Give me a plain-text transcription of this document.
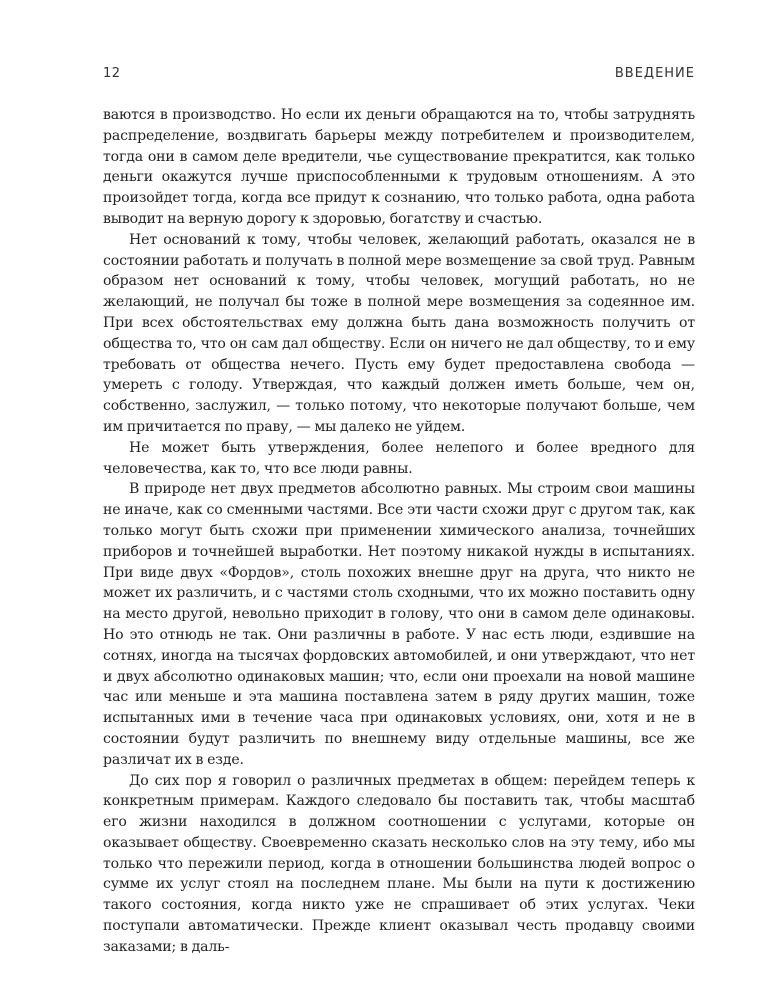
12	ВВЕДЕНИЕ

ваются в производство. Но если их деньги обращаются на то, чтобы затруднять распределение, воздвигать барьеры между потребителем и производителем, тогда они в самом деле вредители, чье существование прекратится, как только деньги окажутся лучше приспособленными к трудовым отношениям. А это произойдет тогда, когда все придут к сознанию, что только работа, одна работа выводит на верную дорогу к здоровью, богатству и счастью.

Нет оснований к тому, чтобы человек, желающий работать, оказался не в состоянии работать и получать в полной мере возмещение за свой труд. Равным образом нет оснований к тому, чтобы человек, могущий работать, но не желающий, не получал бы тоже в полной мере возмещения за содеянное им. При всех обстоятельствах ему должна быть дана возможность получить от общества то, что он сам дал обществу. Если он ничего не дал обществу, то и ему требовать от общества нечего. Пусть ему будет предоставлена свобода — умереть с голоду. Утверждая, что каждый должен иметь больше, чем он, собственно, заслужил, — только потому, что некоторые получают больше, чем им причитается по праву, — мы далеко не уйдем.

Не может быть утверждения, более нелепого и более вредного для человечества, как то, что все люди равны.

В природе нет двух предметов абсолютно равных. Мы строим свои машины не иначе, как со сменными частями. Все эти части схожи друг с другом так, как только могут быть схожи при применении химического анализа, точнейших приборов и точнейшей выработки. Нет поэтому никакой нужды в испытаниях. При виде двух «Фордов», столь похожих внешне друг на друга, что никто не может их различить, и с частями столь сходными, что их можно поставить одну на место другой, невольно приходит в голову, что они в самом деле одинаковы. Но это отнюдь не так. Они различны в работе. У нас есть люди, ездившие на сотнях, иногда на тысячах фордовских автомобилей, и они утверждают, что нет и двух абсолютно одинаковых машин; что, если они проехали на новой машине час или меньше и эта машина поставлена затем в ряду других машин, тоже испытанных ими в течение часа при одинаковых условиях, они, хотя и не в состоянии будут различить по внешнему виду отдельные машины, все же различат их в езде.

До сих пор я говорил о различных предметах в общем: перейдем теперь к конкретным примерам. Каждого следовало бы поставить так, чтобы масштаб его жизни находился в должном соотношении с услугами, которые он оказывает обществу. Своевременно сказать несколько слов на эту тему, ибо мы только что пережили период, когда в отношении большинства людей вопрос о сумме их услуг стоял на последнем плане. Мы были на пути к достижению такого состояния, когда никто уже не спрашивает об этих услугах. Чеки поступали автоматически. Прежде клиент оказывал честь продавцу своими заказами; в даль-
